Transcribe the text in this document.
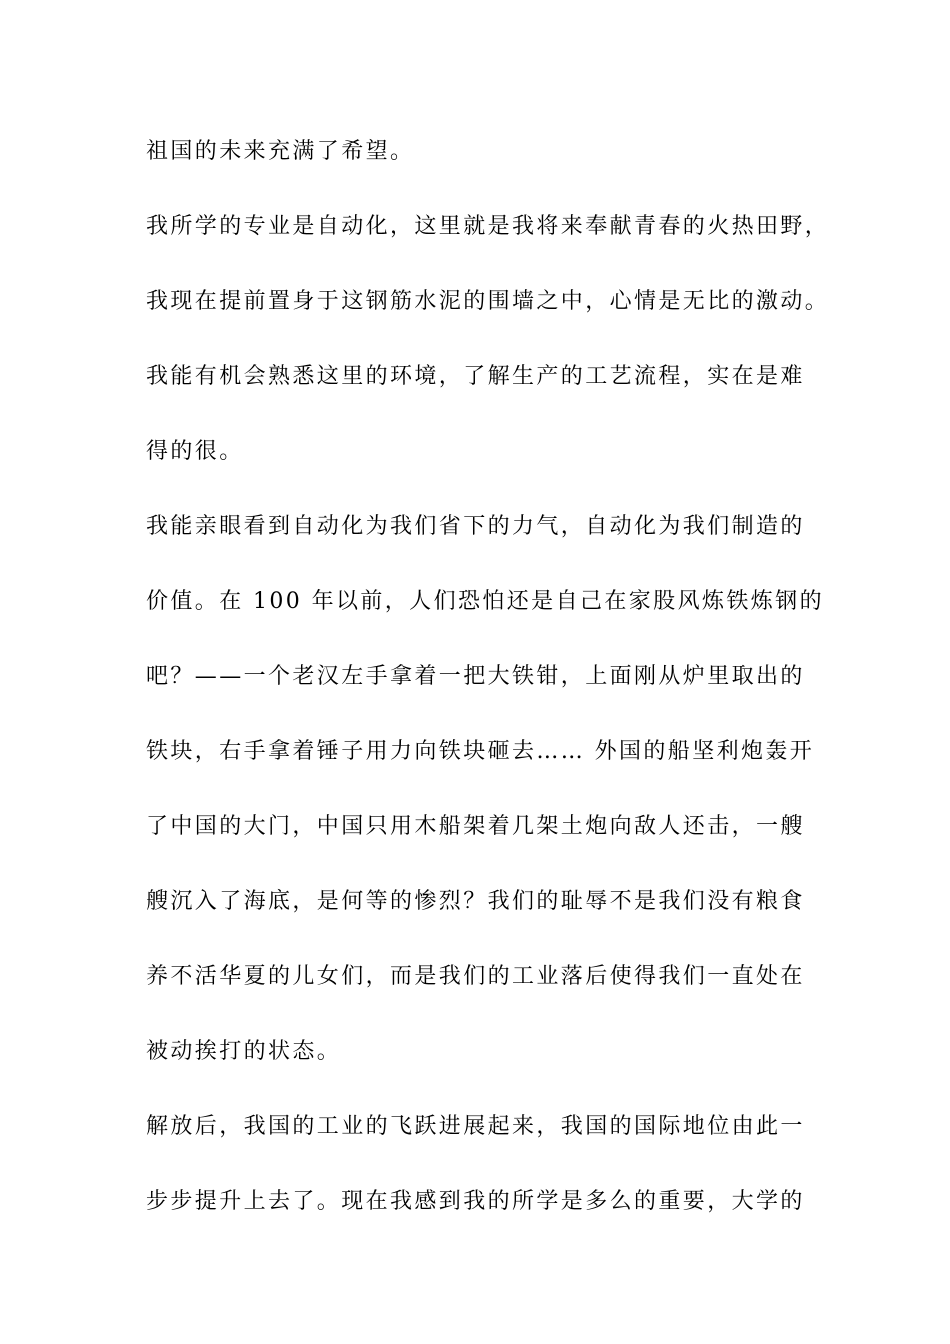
祖国的未来充满了希望。
我所学的专业是自动化，这里就是我将来奉献青春的火热田野，
我现在提前置身于这钢筋水泥的围墙之中，心情是无比的激动。
我能有机会熟悉这里的环境，了解生产的工艺流程，实在是难
得的很。
我能亲眼看到自动化为我们省下的力气，自动化为我们制造的
价值。在 100 年以前，人们恐怕还是自己在家股风炼铁炼钢的
吧？——一个老汉左手拿着一把大铁钳，上面刚从炉里取出的
铁块，右手拿着锤子用力向铁块砸去…… 外国的船坚利炮轰开
了中国的大门，中国只用木船架着几架土炮向敌人还击，一艘
艘沉入了海底，是何等的惨烈？我们的耻辱不是我们没有粮食
养不活华夏的儿女们，而是我们的工业落后使得我们一直处在
被动挨打的状态。
解放后，我国的工业的飞跃进展起来，我国的国际地位由此一
步步提升上去了。现在我感到我的所学是多么的重要，大学的
